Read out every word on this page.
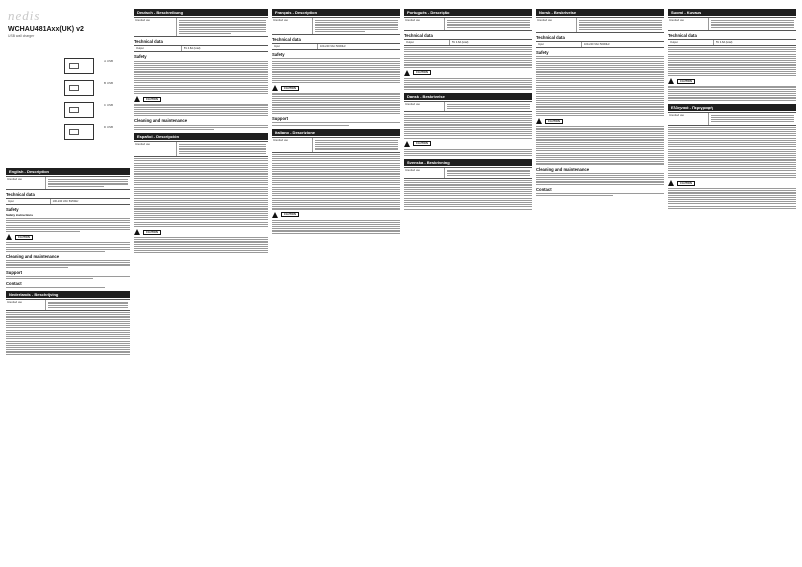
nedis
WCHAU481Axx(UK) v2
USB wall charger
A USB
B USB
C USB
D USB
English - Description
Intended use
Technical data
Input	100-240 VAC 50/60Hz
Safety
Safety instructions
CAUTION
Cleaning and maintenance
Support
Contact
Nederlands - Beschrijving
Intended use
Deutsch - Beschreibung
Intended use
Technical data
Output	5V 4.8A (total)
Safety
CAUTION
Cleaning and maintenance
Español - Descripción
Intended use
CAUTION
Français - Description
Intended use
Technical data
Input	100-240 VAC 50/60Hz
Safety
CAUTION
Support
Italiano - Descrizione
Intended use
CAUTION
Português - Descrição
Intended use
Technical data
Output	5V 4.8A (total)
CAUTION
Dansk - Beskrivelse
Intended use
CAUTION
Svenska - Beskrivning
Intended use
Norsk - Beskrivelse
Intended use
Technical data
Input	100-240 VAC 50/60Hz
Safety
CAUTION
Cleaning and maintenance
Contact
Suomi - Kuvaus
Intended use
Technical data
Output	5V 4.8A (total)
CAUTION
Ελληνικά - Περιγραφή
Intended use
CAUTION
